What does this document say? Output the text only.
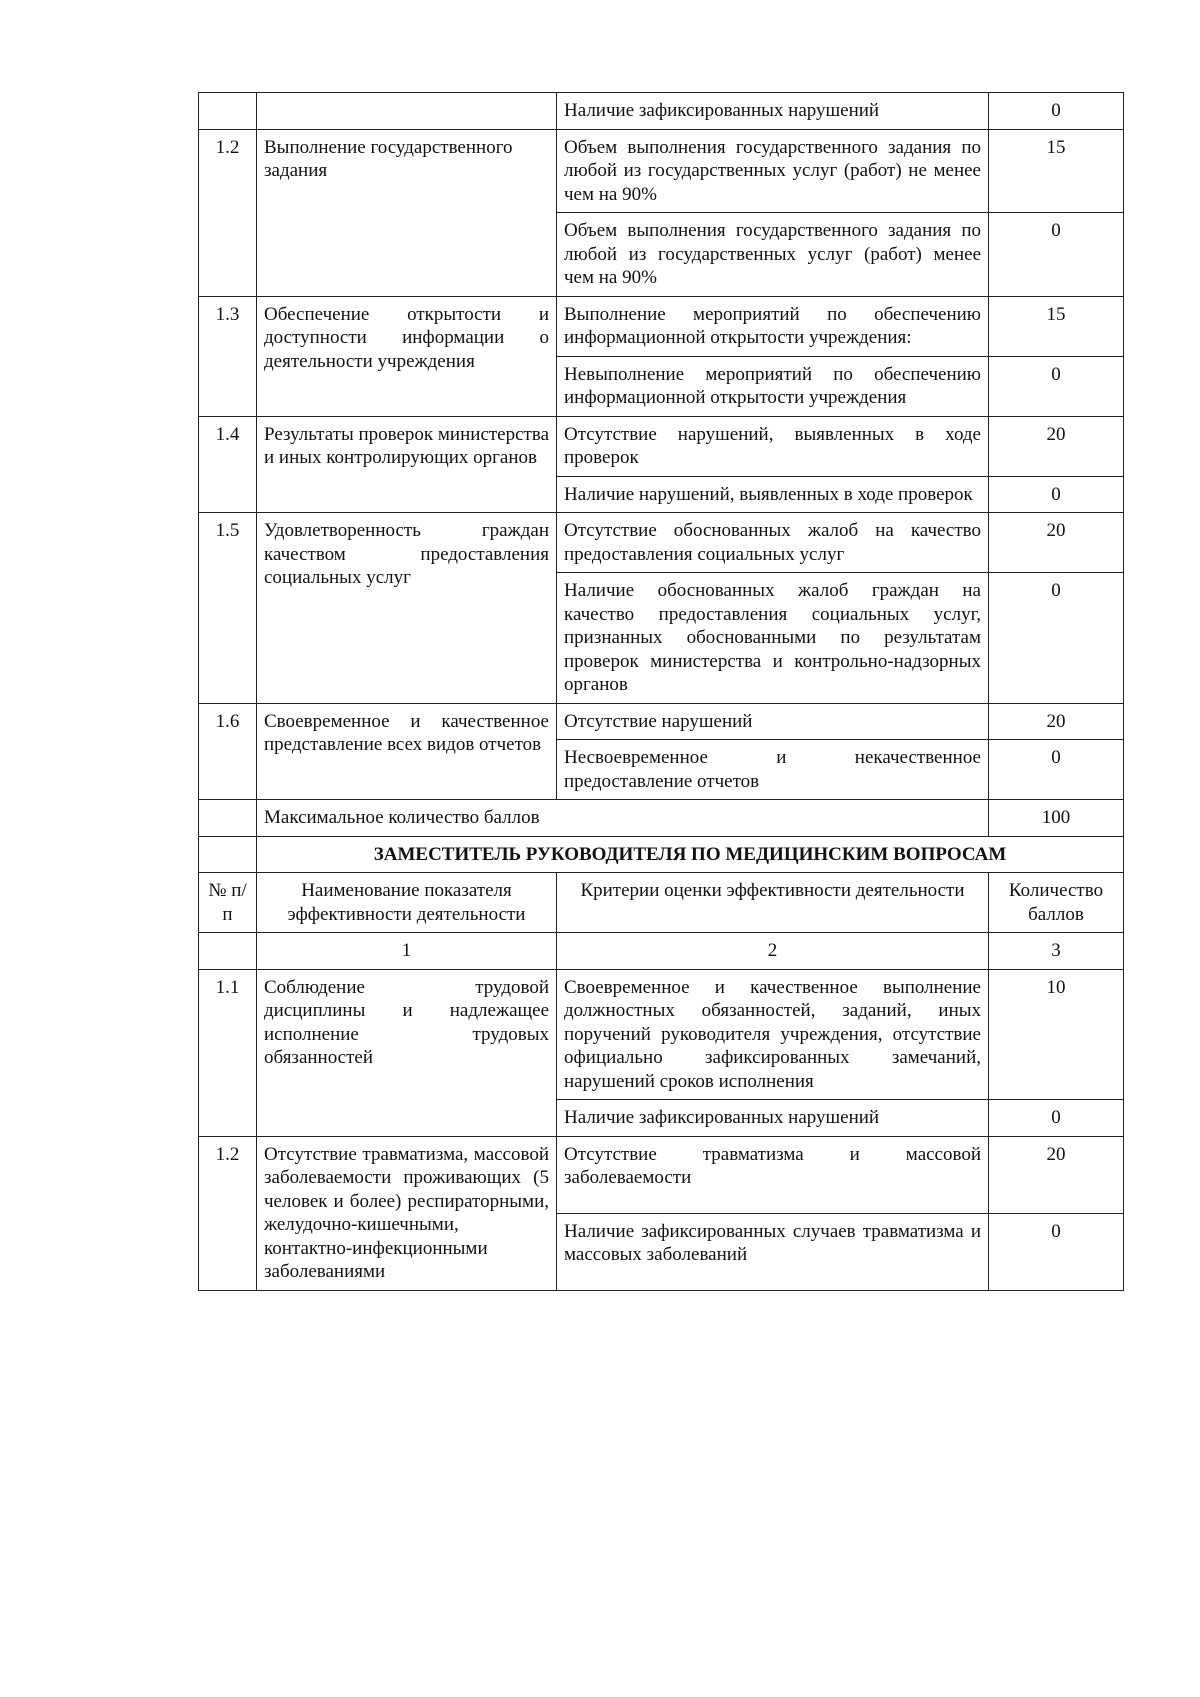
		Наличие зафиксированных нарушений	0
1.2	Выполнение государственного задания	Объем выполнения государственного задания по любой из государственных услуг (работ) не менее чем на 90%	15
		Объем выполнения государственного задания по любой из государственных услуг (работ) менее чем на 90%	0
1.3	Обеспечение открытости и доступности информации о деятельности учреждения	Выполнение мероприятий по обеспечению информационной открытости учреждения:	15
		Невыполнение мероприятий по обеспечению информационной открытости учреждения	0
1.4	Результаты проверок министерства и иных контролирующих органов	Отсутствие нарушений, выявленных в ходе проверок	20
		Наличие нарушений, выявленных в ходе проверок	0
1.5	Удовлетворенность граждан качеством предоставления социальных услуг	Отсутствие обоснованных жалоб на качество предоставления социальных услуг	20
		Наличие обоснованных жалоб граждан на качество предоставления социальных услуг, признанных обоснованными по результатам проверок министерства и контрольно-надзорных органов	0
1.6	Своевременное и качественное представление всех видов отчетов	Отсутствие нарушений	20
		Несвоевременное и некачественное предоставление отчетов	0
	Максимальное количество баллов		100
	ЗАМЕСТИТЕЛЬ РУКОВОДИТЕЛЯ ПО МЕДИЦИНСКИМ ВОПРОСАМ		
№ п/п	Наименование показателя эффективности деятельности	Критерии оценки эффективности деятельности	Количество баллов
	1	2	3
1.1	Соблюдение трудовой дисциплины и надлежащее исполнение трудовых обязанностей	Своевременное и качественное выполнение должностных обязанностей, заданий, иных поручений руководителя учреждения, отсутствие официально зафиксированных замечаний, нарушений сроков исполнения	10
		Наличие зафиксированных нарушений	0
1.2	Отсутствие травматизма, массовой заболеваемости проживающих (5 человек и более) респираторными, желудочно-кишечными, контактно-инфекционными заболеваниями	Отсутствие травматизма и массовой заболеваемости	20
		Наличие зафиксированных случаев травматизма и массовых заболеваний	0
